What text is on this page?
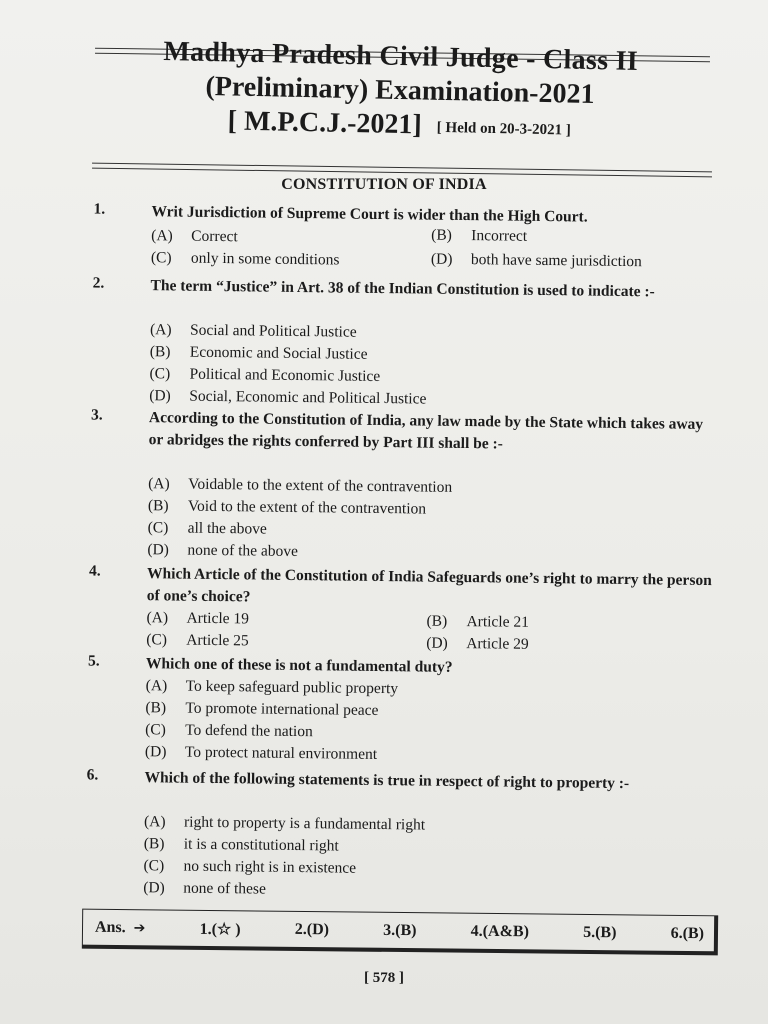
Madhya Pradesh Civil Judge - Class II
(Preliminary) Examination-2021
[ M.P.C.J.-2021] [ Held on 20-3-2021 ]
CONSTITUTION OF INDIA
1.	Writ Jurisdiction of Supreme Court is wider than the High Court.
(A) Correct	(B) Incorrect
(C) only in some conditions	(D) both have same jurisdiction
2.	The term “Justice” in Art. 38 of the Indian Constitution is used to indicate :-
(A) Social and Political Justice
(B) Economic and Social Justice
(C) Political and Economic Justice
(D) Social, Economic and Political Justice
3.	According to the Constitution of India, any law made by the State which takes away or abridges the rights conferred by Part III shall be :-
(A) Voidable to the extent of the contravention
(B) Void to the extent of the contravention
(C) all the above
(D) none of the above
4.	Which Article of the Constitution of India Safeguards one’s right to marry the person of one’s choice?
(A) Article 19	(B) Article 21
(C) Article 25	(D) Article 29
5.	Which one of these is not a fundamental duty?
(A) To keep safeguard public property
(B) To promote international peace
(C) To defend the nation
(D) To protect natural environment
6.	Which of the following statements is true in respect of right to property :-
(A) right to property is a fundamental right
(B) it is a constitutional right
(C) no such right is in existence
(D) none of these
Ans. ➔	1.(☆ )	2.(D)	3.(B)	4.(A&B)	5.(B)	6.(B)
[ 578 ]
